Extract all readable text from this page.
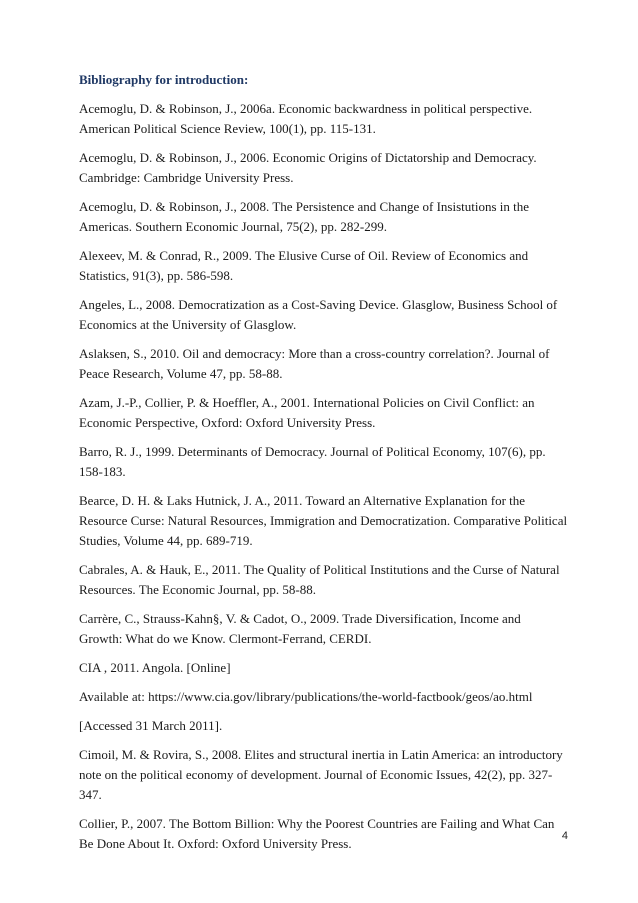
Bibliography for introduction:
Acemoglu, D. & Robinson, J., 2006a. Economic backwardness in political perspective.
American Political Science Review, 100(1), pp. 115-131.
Acemoglu, D. & Robinson, J., 2006. Economic Origins of Dictatorship and Democracy.
Cambridge: Cambridge University Press.
Acemoglu, D. & Robinson, J., 2008. The Persistence and Change of Insistutions in the
Americas. Southern Economic Journal, 75(2), pp. 282-299.
Alexeev, M. & Conrad, R., 2009. The Elusive Curse of Oil. Review of Economics and
Statistics, 91(3), pp. 586-598.
Angeles, L., 2008. Democratization as a Cost-Saving Device. Glasglow, Business School of
Economics at the University of Glasglow.
Aslaksen, S., 2010. Oil and democracy: More than a cross-country correlation?. Journal of
Peace Research, Volume 47, pp. 58-88.
Azam, J.-P., Collier, P. & Hoeffler, A., 2001. International Policies on Civil Conflict: an
Economic Perspective, Oxford: Oxford University Press.
Barro, R. J., 1999. Determinants of Democracy. Journal of Political Economy, 107(6), pp.
158-183.
Bearce, D. H. & Laks Hutnick, J. A., 2011. Toward an Alternative Explanation for the
Resource Curse: Natural Resources, Immigration and Democratization. Comparative Political
Studies, Volume 44, pp. 689-719.
Cabrales, A. & Hauk, E., 2011. The Quality of Political Institutions and the Curse of Natural
Resources. The Economic Journal, pp. 58-88.
Carrère, C., Strauss-Kahn§, V. & Cadot, O., 2009. Trade Diversification, Income and
Growth: What do we Know. Clermont-Ferrand, CERDI.
CIA , 2011. Angola. [Online]
Available at: https://www.cia.gov/library/publications/the-world-factbook/geos/ao.html
[Accessed 31 March 2011].
Cimoil, M. & Rovira, S., 2008. Elites and structural inertia in Latin America: an introductory
note on the political economy of development. Journal of Economic Issues, 42(2), pp. 327-
347.
Collier, P., 2007. The Bottom Billion: Why the Poorest Countries are Failing and What Can
Be Done About It. Oxford: Oxford University Press.	4
